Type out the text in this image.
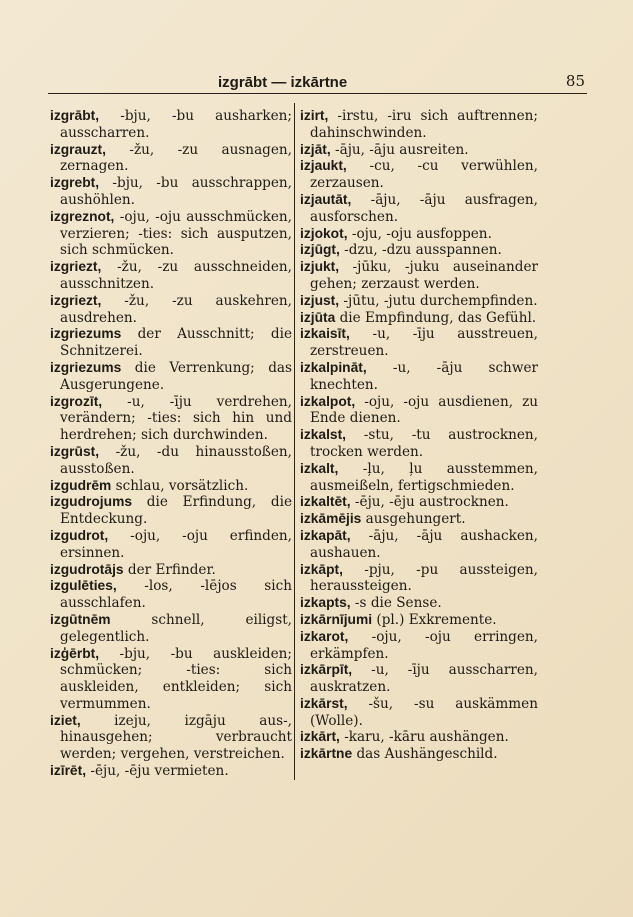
izgrābt — izkārtne	85

izgrābt, -bju, -bu ausharken; ausscharren.

izgrauzt, -žu, -zu ausnagen, zernagen.

izgrebt, -bju, -bu ausschrappen, aushöhlen.

izgreznot, -oju, -oju ausschmücken, verzieren; -ties: sich ausputzen, sich schmücken.

izgriezt, -žu, -zu ausschneiden, ausschnitzen.

izgriezt, -žu, -zu auskehren, ausdrehen.

izgriezums der Ausschnitt; die Schnitzerei.

izgriezums die Verrenkung; das Ausgerungene.

izgrozīt, -u, -īju verdrehen, verändern; -ties: sich hin und herdrehen; sich durchwinden.

izgrūst, -žu, -du hinausstoßen, ausstoßen.

izgudrēm schlau, vorsätzlich.

izgudrojums die Erfindung, die Entdeckung.

izgudrot, -oju, -oju erfinden, ersinnen.

izgudrotājs der Erfinder.

izgulēties, -los, -lējos sich ausschlafen.

izgūtnēm schnell, eiligst, gelegentlich.

izģērbt, -bju, -bu auskleiden; schmücken; -ties: sich auskleiden, entkleiden; sich vermummen.

iziet, izeju, izgāju aus-, hinausgehen; verbraucht werden; vergehen, verstreichen.

izīrēt, -ēju, -ēju vermieten.

izirt, -irstu, -iru sich auftrennen; dahinschwinden.

izjāt, -āju, -āju ausreiten.

izjaukt, -cu, -cu verwühlen, zerzausen.

izjautāt, -āju, -āju ausfragen, ausforschen.

izjokot, -oju, -oju ausfoppen.

izjūgt, -dzu, -dzu ausspannen.

izjukt, -jūku, -juku auseinander gehen; zerzaust werden.

izjust, -jūtu, -jutu durchempfinden.

izjūta die Empfindung, das Gefühl.

izkaisīt, -u, -īju ausstreuen, zerstreuen.

izkalpināt, -u, -āju schwer knechten.

izkalpot, -oju, -oju ausdienen, zu Ende dienen.

izkalst, -stu, -tu austrocknen, trocken werden.

izkalt, -ļu, ļu ausstemmen, ausmeißeln, fertigschmieden.

izkaltēt, -ēju, -ēju austrocknen.

izkāmējis ausgehungert.

izkapāt, -āju, -āju aushacken, aushauen.

izkāpt, -pju, -pu aussteigen, heraussteigen.

izkapts, -s die Sense.

izkārnījumi (pl.) Exkremente.

izkarot, -oju, -oju erringen, erkämpfen.

izkārpīt, -u, -īju ausscharren, auskratzen.

izkārst, -šu, -su auskämmen (Wolle).

izkārt, -karu, -kāru aushängen.

izkārtne das Aushängeschild.
